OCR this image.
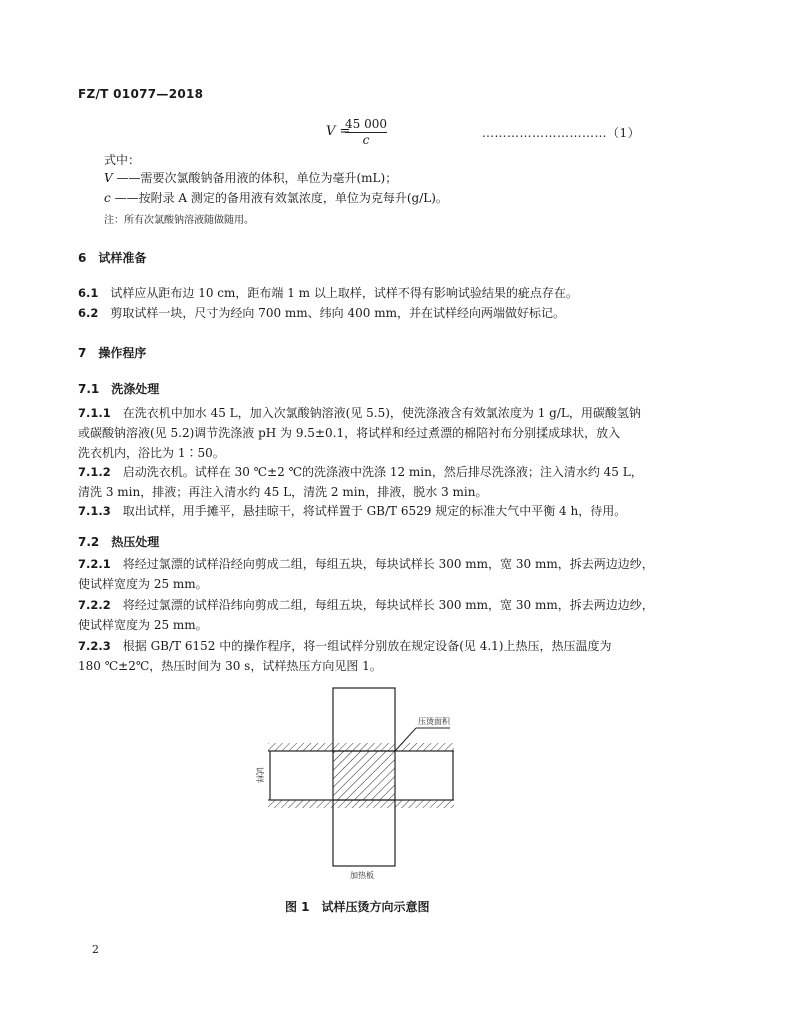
FZ/T 01077—2018
V =
$\frac{45 000}{c}$	…………………………（1）
式中：
V ——需要次氯酸钠备用液的体积，单位为毫升(mL)；
c ——按附录 A 测定的备用液有效氯浓度，单位为克每升(g/L)。
注：所有次氯酸钠溶液随做随用。
6　试样准备
6.1　 试样应从距布边 10 cm，距布端 1 m 以上取样，试样不得有影响试验结果的疵点存在。
6.2　 剪取试样一块，尺寸为经向 700 mm、纬向 400 mm，并在试样经向两端做好标记。
7　操作程序
7.1　洗涤处理
7.1.1　 在洗衣机中加水 45 L，加入次氯酸钠溶液(见 5.5)，使洗涤液含有效氯浓度为 1 g/L，用碳酸氢钠
或碳酸钠溶液(见 5.2)调节洗涤液 pH 为 9.5±0.1，将试样和经过煮漂的棉陪衬布分别揉成球状，放入
洗衣机内，浴比为 1∶50。
7.1.2　 启动洗衣机。试样在 30 ℃±2 ℃的洗涤液中洗涤 12 min，然后排尽洗涤液；注入清水约 45 L，
清洗 3 min，排液；再注入清水约 45 L，清洗 2 min，排液，脱水 3 min。
7.1.3　 取出试样，用手摊平，悬挂晾干，将试样置于 GB/T 6529 规定的标准大气中平衡 4 h，待用。
7.2　热压处理
7.2.1　 将经过氯漂的试样沿经向剪成二组，每组五块，每块试样长 300 mm，宽 30 mm，拆去两边边纱，
使试样宽度为 25 mm。
7.2.2　 将经过氯漂的试样沿纬向剪成二组，每组五块，每块试样长 300 mm，宽 30 mm，拆去两边边纱，
使试样宽度为 25 mm。
7.2.3　 根据 GB/T 6152 中的操作程序，将一组试样分别放在规定设备(见 4.1)上热压，热压温度为
180 ℃±2℃，热压时间为 30 s，试样热压方向见图 1。
压烫面积
试样
加热板
图 1　试样压烫方向示意图
2
